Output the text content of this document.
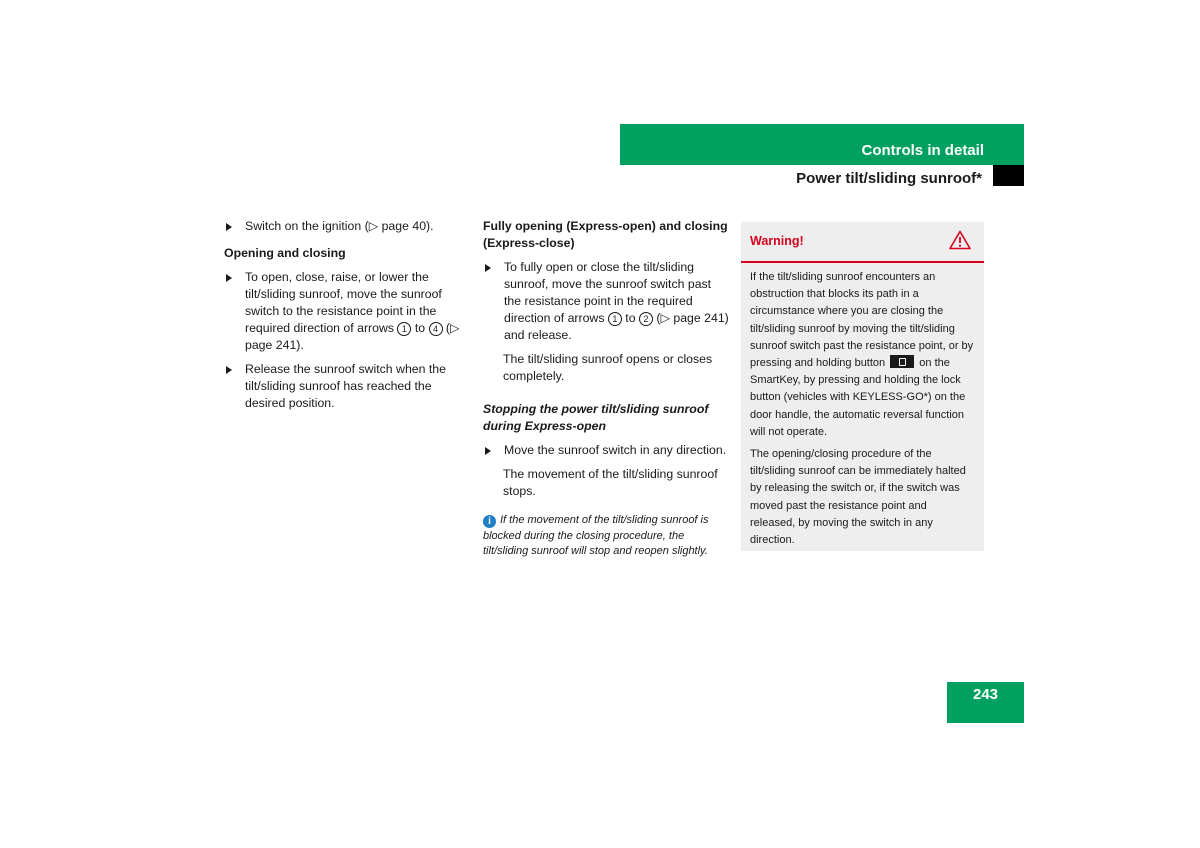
Controls in detail
Power tilt/sliding sunroof*
Switch on the ignition (▷ page 40).
Opening and closing
To open, close, raise, or lower the tilt/sliding sunroof, move the sunroof switch to the resistance point in the required direction of arrows 1 to 4 (▷ page 241).
Release the sunroof switch when the tilt/sliding sunroof has reached the desired position.
Fully opening (Express-open) and closing (Express-close)
To fully open or close the tilt/sliding sunroof, move the sunroof switch past the resistance point in the required direction of arrows 1 to 2 (▷ page 241) and release.
The tilt/sliding sunroof opens or closes completely.
Stopping the power tilt/sliding sunroof during Express-open
Move the sunroof switch in any direction.
The movement of the tilt/sliding sunroof stops.
i If the movement of the tilt/sliding sunroof is blocked during the closing procedure, the tilt/sliding sunroof will stop and reopen slightly.
Warning!

If the tilt/sliding sunroof encounters an obstruction that blocks its path in a circumstance where you are closing the tilt/sliding sunroof by moving the tilt/sliding sunroof switch past the resistance point, or by pressing and holding button	on the SmartKey, by pressing and holding the lock button (vehicles with KEYLESS-GO*) on the door handle, the automatic reversal function will not operate.

The opening/closing procedure of the tilt/sliding sunroof can be immediately halted by releasing the switch or, if the switch was moved past the resistance point and released, by moving the switch in any direction.

243
